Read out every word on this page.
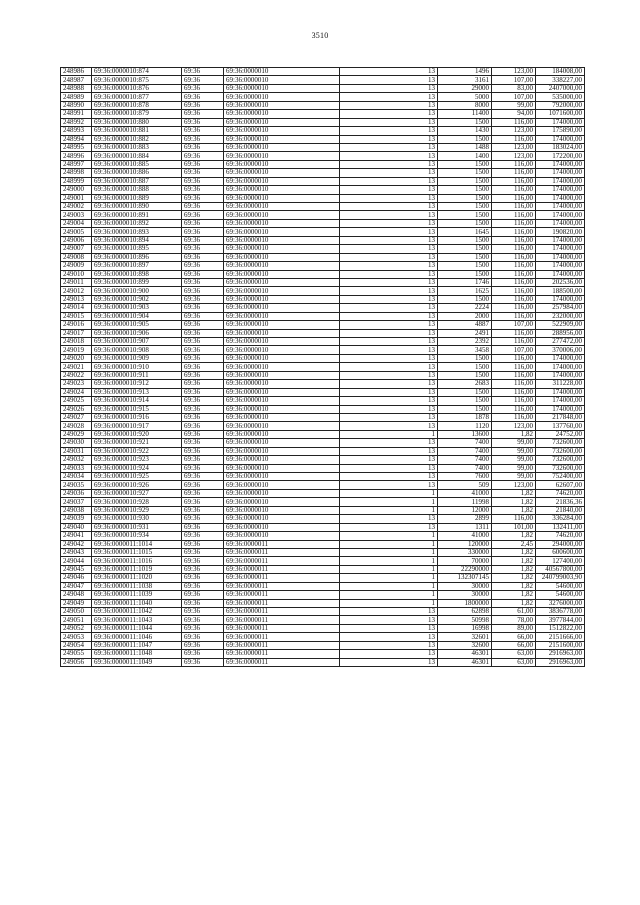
3510
248986	69:36:0000010:874	69:36	69:36:0000010	13	1496	123,00	184008,00
248987	69:36:0000010:875	69:36	69:36:0000010	13	3161	107,00	338227,00
248988	69:36:0000010:876	69:36	69:36:0000010	13	29000	83,00	2407000,00
248989	69:36:0000010:877	69:36	69:36:0000010	13	5000	107,00	535000,00
248990	69:36:0000010:878	69:36	69:36:0000010	13	8000	99,00	792000,00
248991	69:36:0000010:879	69:36	69:36:0000010	13	11400	94,00	1071600,00
248992	69:36:0000010:880	69:36	69:36:0000010	13	1500	116,00	174000,00
248993	69:36:0000010:881	69:36	69:36:0000010	13	1430	123,00	175890,00
248994	69:36:0000010:882	69:36	69:36:0000010	13	1500	116,00	174000,00
248995	69:36:0000010:883	69:36	69:36:0000010	13	1488	123,00	183024,00
248996	69:36:0000010:884	69:36	69:36:0000010	13	1400	123,00	172200,00
248997	69:36:0000010:885	69:36	69:36:0000010	13	1500	116,00	174000,00
248998	69:36:0000010:886	69:36	69:36:0000010	13	1500	116,00	174000,00
248999	69:36:0000010:887	69:36	69:36:0000010	13	1500	116,00	174000,00
249000	69:36:0000010:888	69:36	69:36:0000010	13	1500	116,00	174000,00
249001	69:36:0000010:889	69:36	69:36:0000010	13	1500	116,00	174000,00
249002	69:36:0000010:890	69:36	69:36:0000010	13	1500	116,00	174000,00
249003	69:36:0000010:891	69:36	69:36:0000010	13	1500	116,00	174000,00
249004	69:36:0000010:892	69:36	69:36:0000010	13	1500	116,00	174000,00
249005	69:36:0000010:893	69:36	69:36:0000010	13	1645	116,00	190820,00
249006	69:36:0000010:894	69:36	69:36:0000010	13	1500	116,00	174000,00
249007	69:36:0000010:895	69:36	69:36:0000010	13	1500	116,00	174000,00
249008	69:36:0000010:896	69:36	69:36:0000010	13	1500	116,00	174000,00
249009	69:36:0000010:897	69:36	69:36:0000010	13	1500	116,00	174000,00
249010	69:36:0000010:898	69:36	69:36:0000010	13	1500	116,00	174000,00
249011	69:36:0000010:899	69:36	69:36:0000010	13	1746	116,00	202536,00
249012	69:36:0000010:900	69:36	69:36:0000010	13	1625	116,00	188500,00
249013	69:36:0000010:902	69:36	69:36:0000010	13	1500	116,00	174000,00
249014	69:36:0000010:903	69:36	69:36:0000010	13	2224	116,00	257984,00
249015	69:36:0000010:904	69:36	69:36:0000010	13	2000	116,00	232000,00
249016	69:36:0000010:905	69:36	69:36:0000010	13	4887	107,00	522909,00
249017	69:36:0000010:906	69:36	69:36:0000010	13	2491	116,00	288956,00
249018	69:36:0000010:907	69:36	69:36:0000010	13	2392	116,00	277472,00
249019	69:36:0000010:908	69:36	69:36:0000010	13	3458	107,00	370006,00
249020	69:36:0000010:909	69:36	69:36:0000010	13	1500	116,00	174000,00
249021	69:36:0000010:910	69:36	69:36:0000010	13	1500	116,00	174000,00
249022	69:36:0000010:911	69:36	69:36:0000010	13	1500	116,00	174000,00
249023	69:36:0000010:912	69:36	69:36:0000010	13	2683	116,00	311228,00
249024	69:36:0000010:913	69:36	69:36:0000010	13	1500	116,00	174000,00
249025	69:36:0000010:914	69:36	69:36:0000010	13	1500	116,00	174000,00
249026	69:36:0000010:915	69:36	69:36:0000010	13	1500	116,00	174000,00
249027	69:36:0000010:916	69:36	69:36:0000010	13	1878	116,00	217848,00
249028	69:36:0000010:917	69:36	69:36:0000010	13	1120	123,00	137760,00
249029	69:36:0000010:920	69:36	69:36:0000010	1	13600	1,82	24752,00
249030	69:36:0000010:921	69:36	69:36:0000010	13	7400	99,00	732600,00
249031	69:36:0000010:922	69:36	69:36:0000010	13	7400	99,00	732600,00
249032	69:36:0000010:923	69:36	69:36:0000010	13	7400	99,00	732600,00
249033	69:36:0000010:924	69:36	69:36:0000010	13	7400	99,00	732600,00
249034	69:36:0000010:925	69:36	69:36:0000010	13	7600	99,00	752400,00
249035	69:36:0000010:926	69:36	69:36:0000010	13	509	123,00	62607,00
249036	69:36:0000010:927	69:36	69:36:0000010	1	41000	1,82	74620,00
249037	69:36:0000010:928	69:36	69:36:0000010	1	11998	1,82	21836,36
249038	69:36:0000010:929	69:36	69:36:0000010	1	12000	1,82	21840,00
249039	69:36:0000010:930	69:36	69:36:0000010	13	2899	116,00	336284,00
249040	69:36:0000010:931	69:36	69:36:0000010	13	1311	101,00	132411,00
249041	69:36:0000010:934	69:36	69:36:0000010	1	41000	1,82	74620,00
249042	69:36:0000011:1014	69:36	69:36:0000011	1	120000	2,45	294000,00
249043	69:36:0000011:1015	69:36	69:36:0000011	1	330000	1,82	600600,00
249044	69:36:0000011:1016	69:36	69:36:0000011	1	70000	1,82	127400,00
249045	69:36:0000011:1019	69:36	69:36:0000011	1	22290000	1,82	40567800,00
249046	69:36:0000011:1020	69:36	69:36:0000011	1	132307145	1,82	240799003,90
249047	69:36:0000011:1038	69:36	69:36:0000011	1	30000	1,82	54600,00
249048	69:36:0000011:1039	69:36	69:36:0000011	1	30000	1,82	54600,00
249049	69:36:0000011:1040	69:36	69:36:0000011	1	1800000	1,82	3276000,00
249050	69:36:0000011:1042	69:36	69:36:0000011	13	62898	61,00	3836778,00
249051	69:36:0000011:1043	69:36	69:36:0000011	13	50998	78,00	3977844,00
249052	69:36:0000011:1044	69:36	69:36:0000011	13	16998	89,00	1512822,00
249053	69:36:0000011:1046	69:36	69:36:0000011	13	32601	66,00	2151666,00
249054	69:36:0000011:1047	69:36	69:36:0000011	13	32600	66,00	2151600,00
249055	69:36:0000011:1048	69:36	69:36:0000011	13	46301	63,00	2916963,00
249056	69:36:0000011:1049	69:36	69:36:0000011	13	46301	63,00	2916963,00
